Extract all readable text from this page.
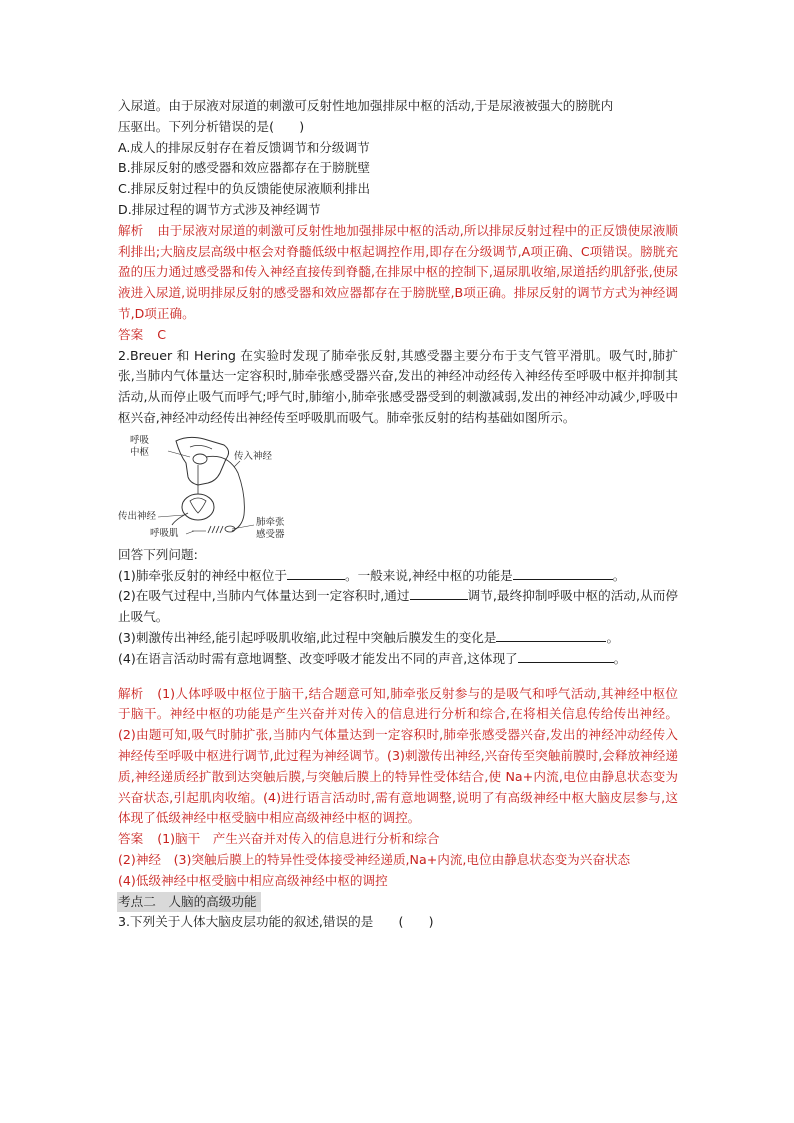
入尿道。由于尿液对尿道的刺激可反射性地加强排尿中枢的活动,于是尿液被强大的膀胱内

压驱出。下列分析错误的是(　　)

A.成人的排尿反射存在着反馈调节和分级调节

B.排尿反射的感受器和效应器都存在于膀胱壁

C.排尿反射过程中的负反馈能使尿液顺利排出

D.排尿过程的调节方式涉及神经调节

解析 由于尿液对尿道的刺激可反射性地加强排尿中枢的活动,所以排尿反射过程中的正反馈使尿液顺利排出;大脑皮层高级中枢会对脊髓低级中枢起调控作用,即存在分级调节,A项正确、C项错误。膀胱充盈的压力通过感受器和传入神经直接传到脊髓,在排尿中枢的控制下,逼尿肌收缩,尿道括约肌舒张,使尿液进入尿道,说明排尿反射的感受器和效应器都存在于膀胱壁,B项正确。排尿反射的调节方式为神经调节,D项正确。

答案 C

2.Breuer 和 Hering 在实验时发现了肺牵张反射,其感受器主要分布于支气管平滑肌。吸气时,肺扩张,当肺内气体量达一定容积时,肺牵张感受器兴奋,发出的神经冲动经传入神经传至呼吸中枢并抑制其活动,从而停止吸气而呼气;呼气时,肺缩小,肺牵张感受器受到的刺激减弱,发出的神经冲动减少,呼吸中枢兴奋,神经冲动经传出神经传至呼吸肌而吸气。肺牵张反射的结构基础如图所示。

呼吸
中枢	传入神经
传出神经
呼吸肌
肺牵张
感受器

回答下列问题:

(1)肺牵张反射的神经中枢位于	。一般来说,神经中枢的功能是	。

(2)在吸气过程中,当肺内气体量达到一定容积时,通过	调节,最终抑制呼吸中枢的活动,从而停止吸气。

(3)刺激传出神经,能引起呼吸肌收缩,此过程中突触后膜发生的变化是	。

(4)在语言活动时需有意地调整、改变呼吸才能发出不同的声音,这体现了	。

解析 (1)人体呼吸中枢位于脑干,结合题意可知,肺牵张反射参与的是吸气和呼气活动,其神经中枢位于脑干。神经中枢的功能是产生兴奋并对传入的信息进行分析和综合,在将相关信息传给传出神经。(2)由题可知,吸气时肺扩张,当肺内气体量达到一定容积时,肺牵张感受器兴奋,发出的神经冲动经传入神经传至呼吸中枢进行调节,此过程为神经调节。(3)刺激传出神经,兴奋传至突触前膜时,会释放神经递质,神经递质经扩散到达突触后膜,与突触后膜上的特异性受体结合,使 Na+内流,电位由静息状态变为兴奋状态,引起肌肉收缩。(4)进行语言活动时,需有意地调整,说明了有高级神经中枢大脑皮层参与,这体现了低级神经中枢受脑中相应高级神经中枢的调控。

答案 (1)脑干　产生兴奋并对传入的信息进行分析和综合

(2)神经　(3)突触后膜上的特异性受体接受神经递质,Na+内流,电位由静息状态变为兴奋状态

(4)低级神经中枢受脑中相应高级神经中枢的调控

考点二　人脑的高级功能

3.下列关于人体大脑皮层功能的叙述,错误的是　　(　　)
